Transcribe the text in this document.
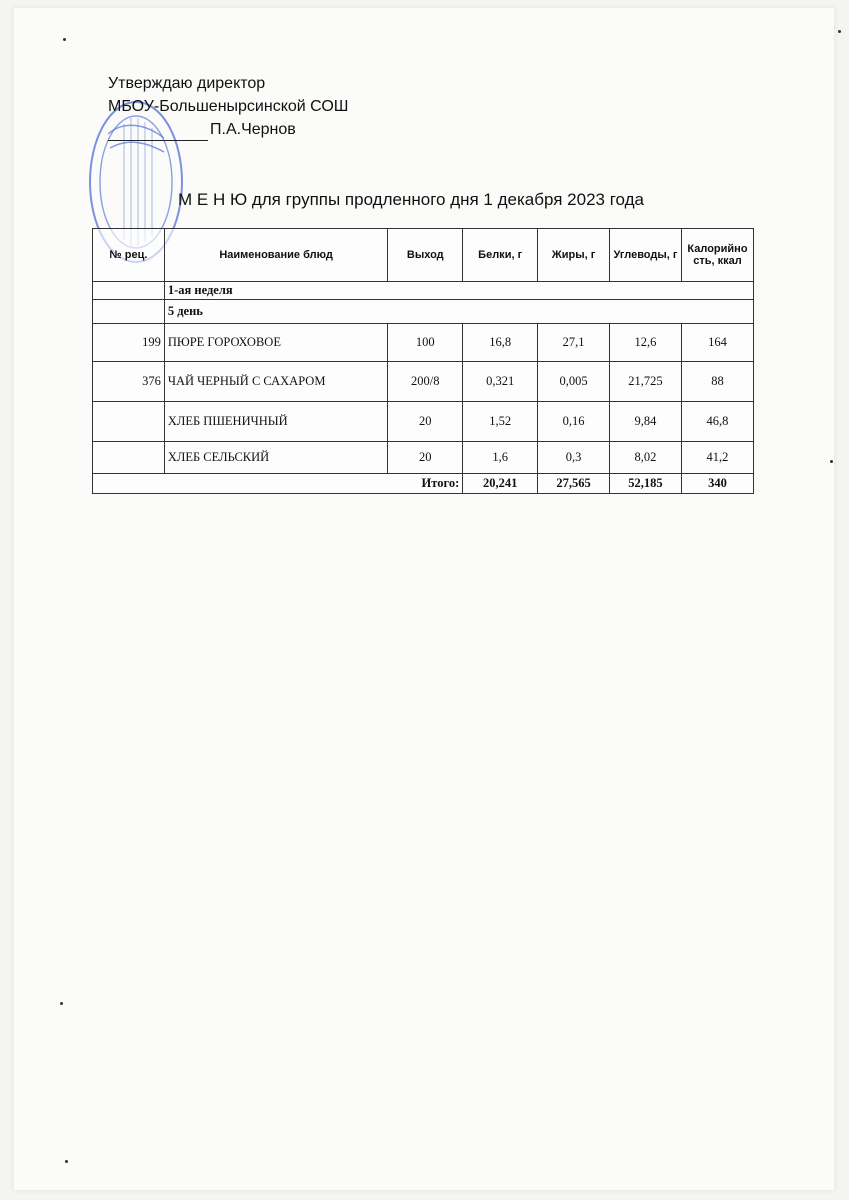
Утверждаю директор
МБОУ-Большенырсинской СОШ
П.А.Чернов
М Е Н Ю для группы продленного дня 1 декабря 2023 года
№ рец.	Наименование блюд	Выход	Белки, г	Жиры, г	Углеводы, г	Калорийно сть, ккал
	1-ая неделя					
	5 день					
199	ПЮРЕ ГОРОХОВОЕ	100	16,8	27,1	12,6	164
376	ЧАЙ ЧЕРНЫЙ С САХАРОМ	200/8	0,321	0,005	21,725	88
	ХЛЕБ ПШЕНИЧНЫЙ	20	1,52	0,16	9,84	46,8
	ХЛЕБ СЕЛЬСКИЙ	20	1,6	0,3	8,02	41,2
Итого:			20,241	27,565	52,185	340
